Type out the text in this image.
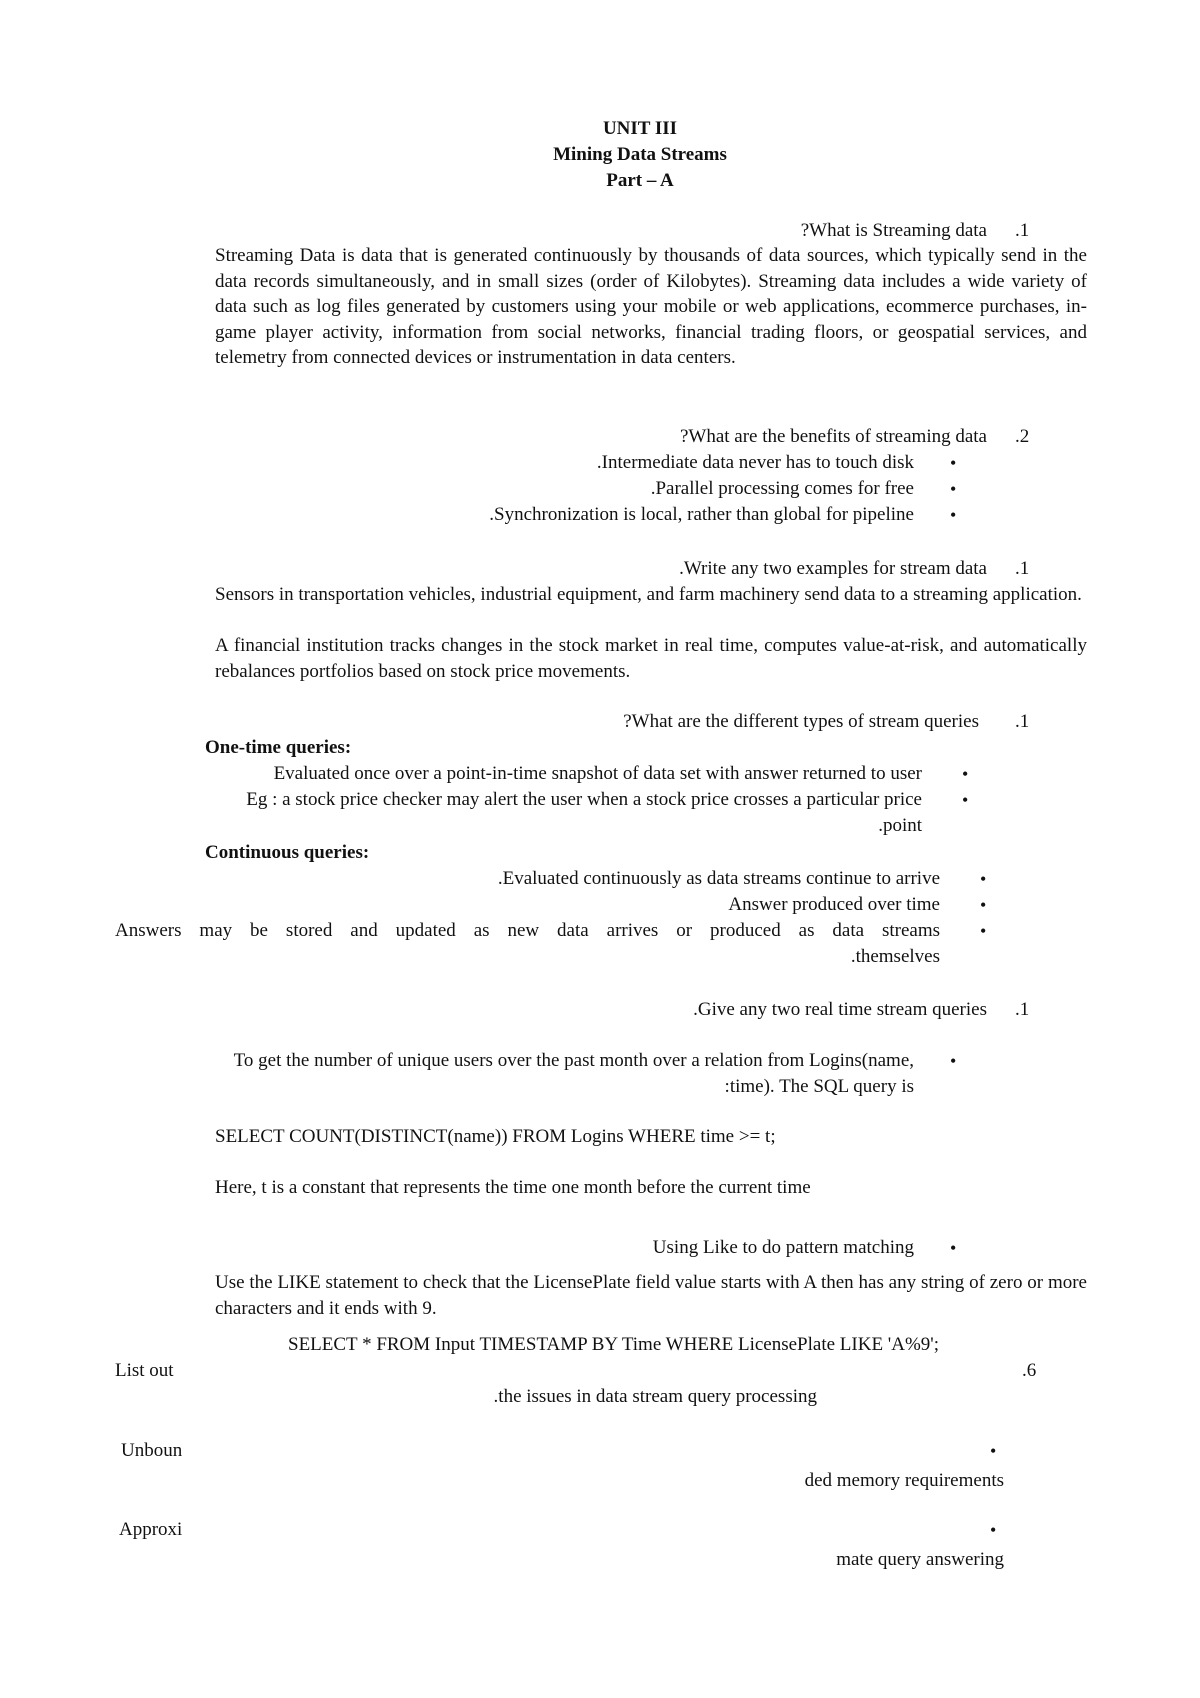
UNIT III
Mining Data Streams
Part – A
?What is Streaming data .1
Streaming Data is data that is generated continuously by thousands of data sources, which typically send in the data records simultaneously, and in small sizes (order of Kilobytes). Streaming data includes a wide variety of data such as log files generated by customers using your mobile or web applications, ecommerce purchases, in-game player activity, information from social networks, financial trading floors, or geospatial services, and telemetry from connected devices or instrumentation in data centers.
?What are the benefits of streaming data .2
.Intermediate data never has to touch disk •
.Parallel processing comes for free •
.Synchronization is local, rather than global for pipeline •
.Write any two examples for stream data .1
Sensors in transportation vehicles, industrial equipment, and farm machinery send data to a streaming application.
A financial institution tracks changes in the stock market in real time, computes value-at-risk, and automatically rebalances portfolios based on stock price movements.
?What are the different types of stream queries .1
One-time queries:
Evaluated once over a point-in-time snapshot of data set with answer returned to user •
Eg : a stock price checker may alert the user when a stock price crosses a particular price •
.point
Continuous queries:
.Evaluated continuously as data streams continue to arrive •
Answer produced over time •
Answers may be stored and updated as new data arrives or produced as data streams •
.themselves
.Give any two real time stream queries .1
To get the number of unique users over the past month over a relation from Logins(name, •
:time). The SQL query is
SELECT COUNT(DISTINCT(name)) FROM Logins WHERE time >= t;
Here, t is a constant that represents the time one month before the current time
Using Like to do pattern matching •
Use the LIKE statement to check that the LicensePlate field value starts with A then has any string of zero or more characters and it ends with 9.
SELECT * FROM Input TIMESTAMP BY Time WHERE LicensePlate LIKE 'A%9';
List out	.6
.the issues in data stream query processing
Unboun	•
ded memory requirements
Approxi	•
mate query answering
